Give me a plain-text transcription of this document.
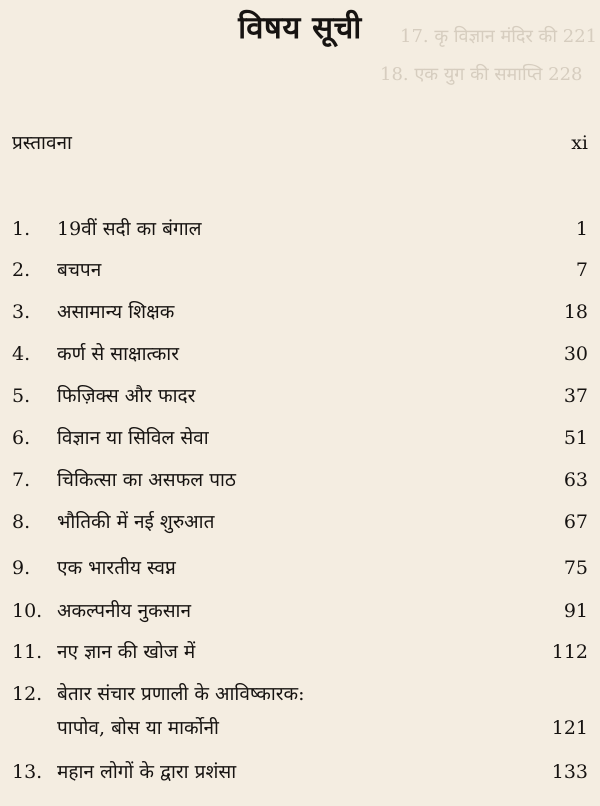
17. कृ विज्ञान मंदिर की 221
18. एक युग की समाप्ति 228
विषय सूची
प्रस्तावना	xi
1. 19वीं सदी का बंगाल	1
2. बचपन	7
3. असामान्य शिक्षक	18
4. कर्ण से साक्षात्कार	30
5. फिज़िक्स और फादर	37
6. विज्ञान या सिविल सेवा	51
7. चिकित्सा का असफल पाठ	63
8. भौतिकी में नई शुरुआत	67
9. एक भारतीय स्वप्न	75
10. अकल्पनीय नुकसान	91
11. नए ज्ञान की खोज में	112
12. बेतार संचार प्रणाली के आविष्कारक:
पापोव, बोस या मार्कोनी	121
13. महान लोगों के द्वारा प्रशंसा	133
